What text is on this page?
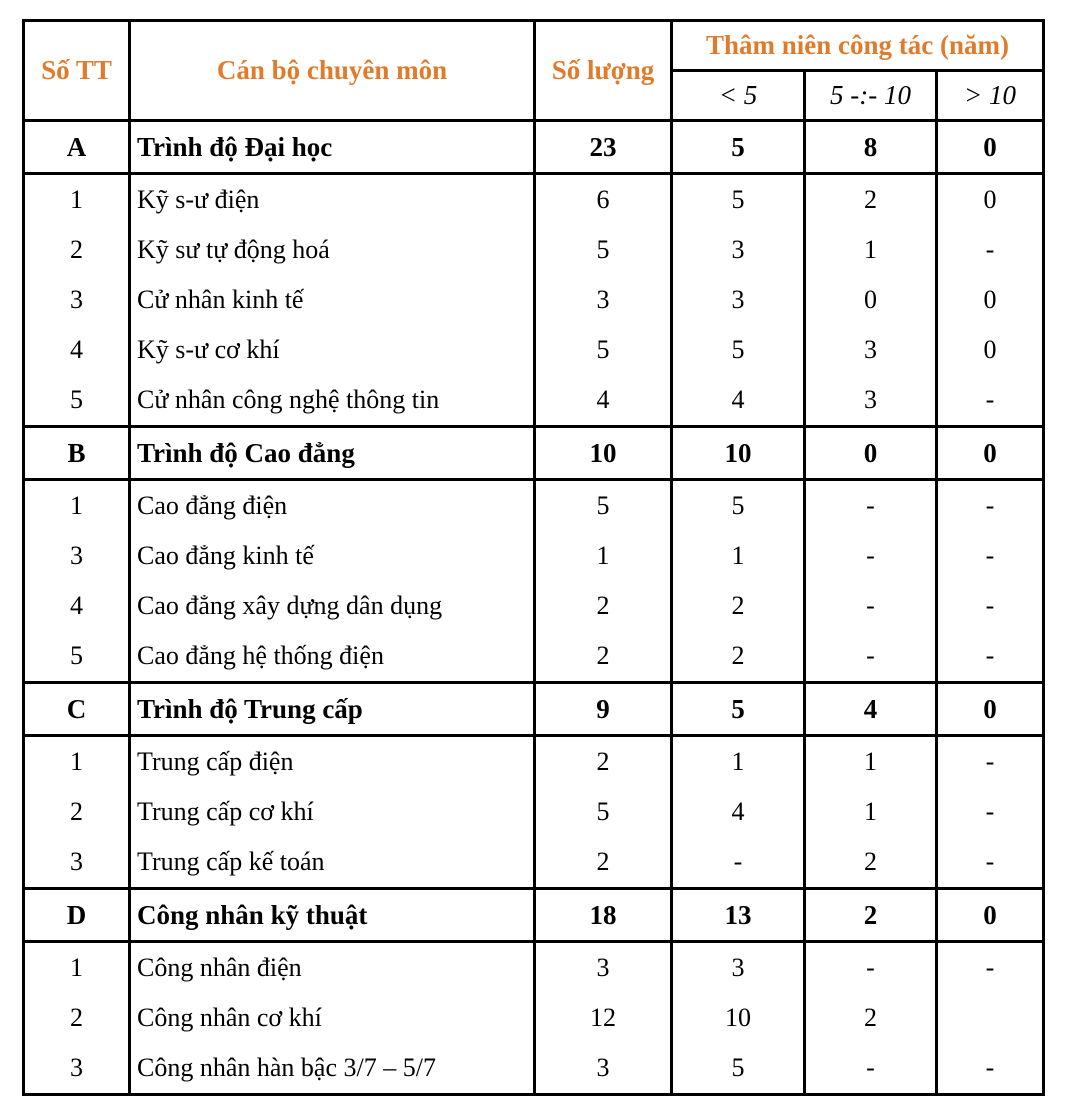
Số TT	Cán bộ chuyên môn	Số lượng	Thâm niên công tác (năm)		
			< 5	5 -:- 10	> 10
A	Trình độ Đại học	23	5	8	0
1	Kỹ s-ư điện	6	5	2	0
2	Kỹ sư tự động hoá	5	3	1	-
3	Cử nhân kinh tế	3	3	0	0
4	Kỹ s-ư cơ khí	5	5	3	0
5	Cử nhân công nghệ thông tin	4	4	3	-
B	Trình độ Cao đẳng	10	10	0	0
1	Cao đẳng điện	5	5	-	-
3	Cao đẳng kinh tế	1	1	-	-
4	Cao đẳng xây dựng dân dụng	2	2	-	-
5	Cao đẳng hệ thống điện	2	2	-	-
C	Trình độ Trung cấp	9	5	4	0
1	Trung cấp điện	2	1	1	-
2	Trung cấp cơ khí	5	4	1	-
3	Trung cấp kế toán	2	-	2	-
D	Công nhân kỹ thuật	18	13	2	0
1	Công nhân điện	3	3	-	-
2	Công nhân cơ khí	12	10	2	
3	Công nhân hàn bậc 3/7 – 5/7	3	5	-	-
